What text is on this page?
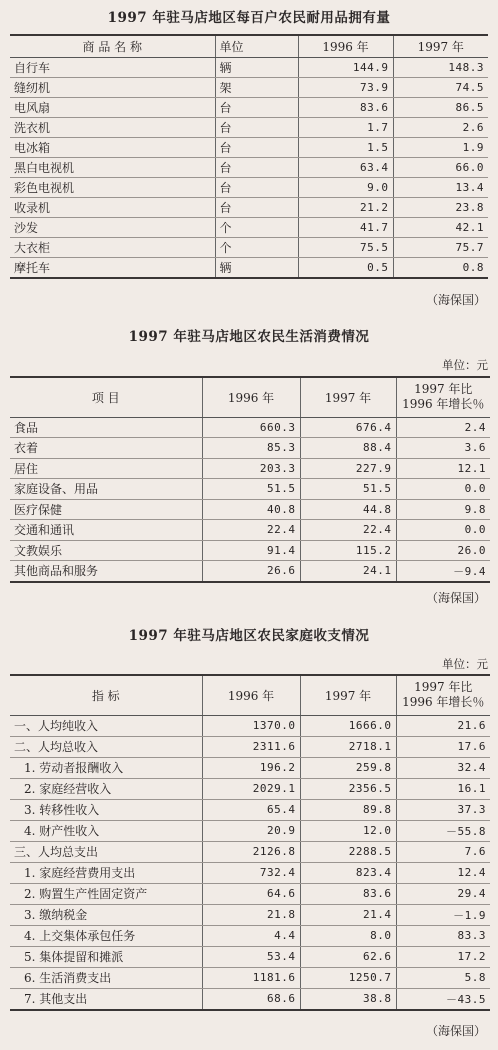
1997 年驻马店地区每百户农民耐用品拥有量
商 品 名 称	单位	1996 年	1997 年
自行车	辆	144.9	148.3
缝纫机	架	73.9	74.5
电风扇	台	83.6	86.5
洗衣机	台	1.7	2.6
电冰箱	台	1.5	1.9
黑白电视机	台	63.4	66.0
彩色电视机	台	9.0	13.4
收录机	台	21.2	23.8
沙发	个	41.7	42.1
大衣柜	个	75.5	75.7
摩托车	辆	0.5	0.8
（海保国）
1997 年驻马店地区农民生活消费情况
单位：元
项 目	1996 年	1997 年	1997 年比
1996 年增长％

食品	660.3	676.4	2.4
衣着	85.3	88.4	3.6
居住	203.3	227.9	12.1
家庭设备、用品	51.5	51.5	0.0
医疗保健	40.8	44.8	9.8
交通和通讯	22.4	22.4	0.0
文教娱乐	91.4	115.2	26.0
其他商品和服务	26.6	24.1	－9.4
（海保国）
1997 年驻马店地区农民家庭收支情况
单位：元
指 标	1996 年	1997 年	1997 年比
1996 年增长％

一、人均纯收入	1370.0	1666.0	21.6
二、人均总收入	2311.6	2718.1	17.6
1. 劳动者报酬收入	196.2	259.8	32.4
2. 家庭经营收入	2029.1	2356.5	16.1
3. 转移性收入	65.4	89.8	37.3
4. 财产性收入	20.9	12.0	－55.8
三、人均总支出	2126.8	2288.5	7.6
1. 家庭经营费用支出	732.4	823.4	12.4
2. 购置生产性固定资产	64.6	83.6	29.4
3. 缴纳税金	21.8	21.4	－1.9
4. 上交集体承包任务	4.4	8.0	83.3
5. 集体提留和摊派	53.4	62.6	17.2
6. 生活消费支出	1181.6	1250.7	5.8
7. 其他支出	68.6	38.8	－43.5
（海保国）
